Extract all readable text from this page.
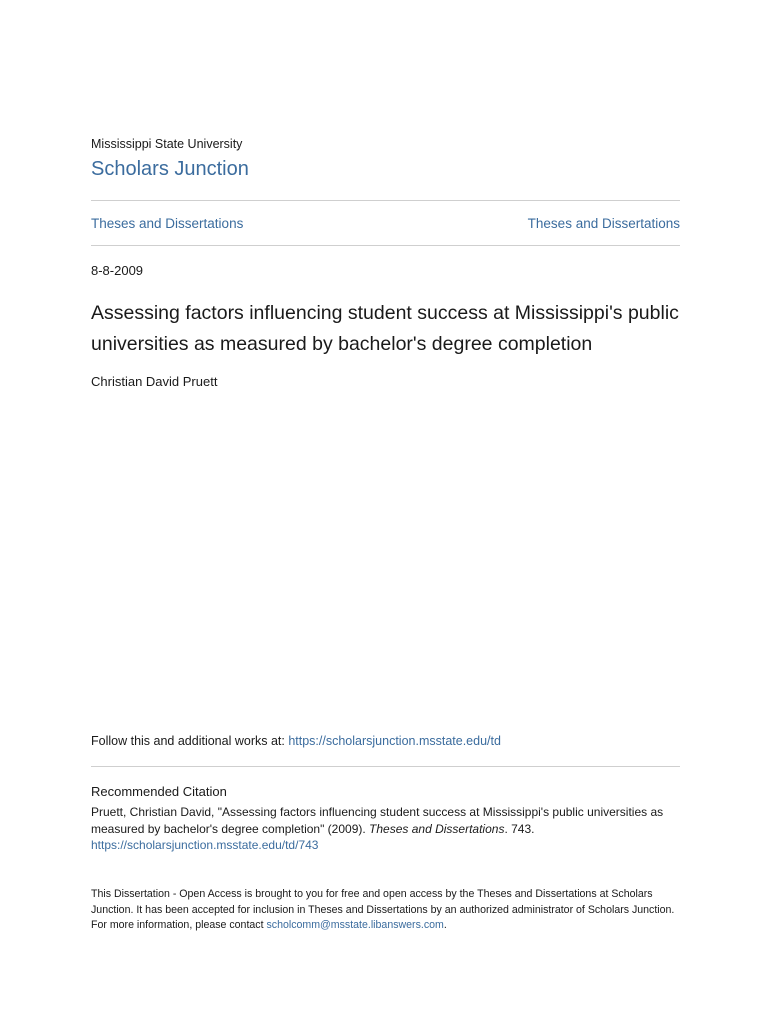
Mississippi State University
Scholars Junction
Theses and Dissertations	Theses and Dissertations
8-8-2009
Assessing factors influencing student success at Mississippi's public universities as measured by bachelor's degree completion
Christian David Pruett
Follow this and additional works at: https://scholarsjunction.msstate.edu/td
Recommended Citation
Pruett, Christian David, "Assessing factors influencing student success at Mississippi's public universities as measured by bachelor's degree completion" (2009). Theses and Dissertations. 743.
https://scholarsjunction.msstate.edu/td/743
This Dissertation - Open Access is brought to you for free and open access by the Theses and Dissertations at Scholars Junction. It has been accepted for inclusion in Theses and Dissertations by an authorized administrator of Scholars Junction. For more information, please contact scholcomm@msstate.libanswers.com.
